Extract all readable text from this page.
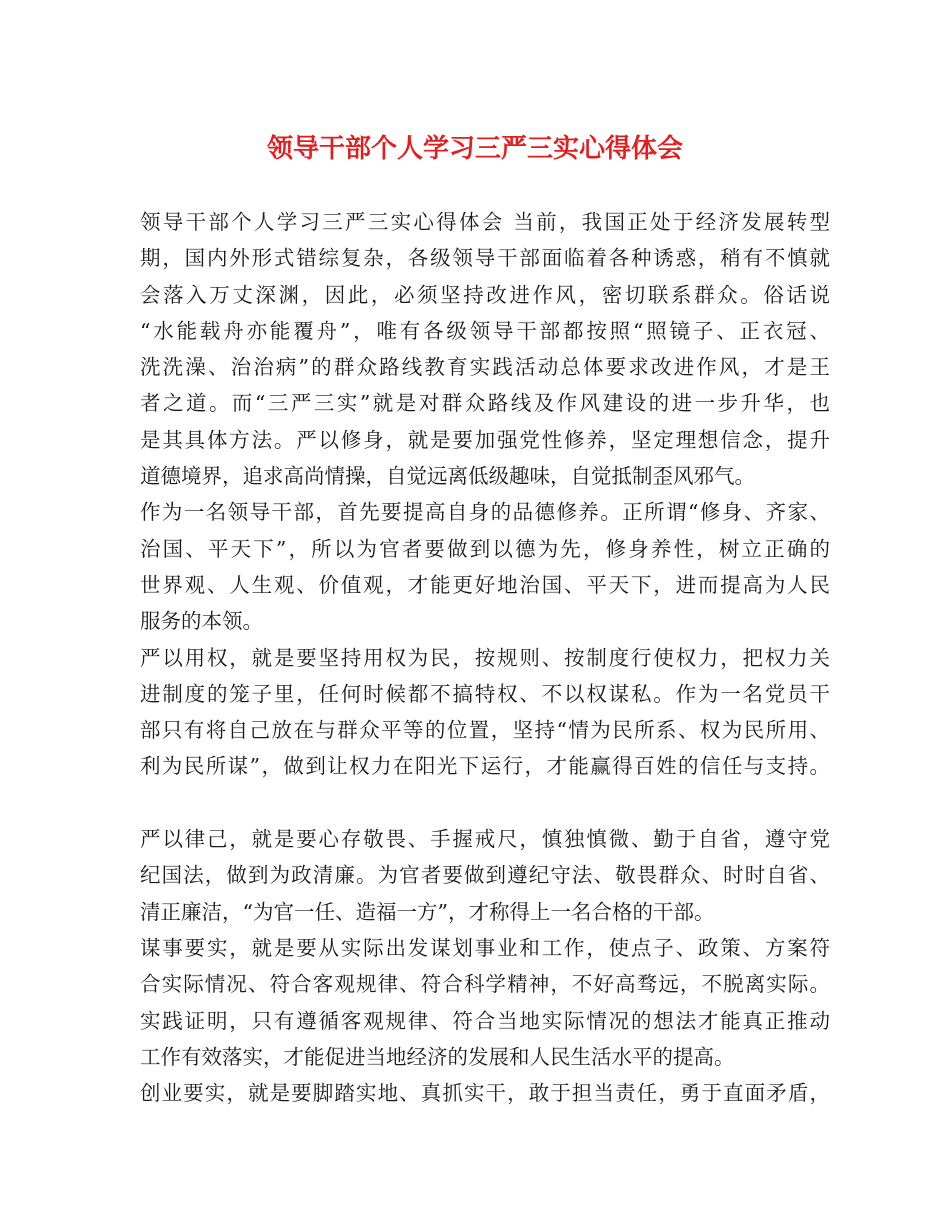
领导干部个人学习三严三实心得体会
领导干部个人学习三严三实心得体会 当前，我国正处于经济发展转型
期，国内外形式错综复杂，各级领导干部面临着各种诱惑，稍有不慎就
会落入万丈深渊，因此，必须坚持改进作风，密切联系群众。俗话说
“水能载舟亦能覆舟”，唯有各级领导干部都按照“照镜子、正衣冠、
洗洗澡、治治病”的群众路线教育实践活动总体要求改进作风，才是王
者之道。而“三严三实”就是对群众路线及作风建设的进一步升华，也
是其具体方法。严以修身，就是要加强党性修养，坚定理想信念，提升
道德境界，追求高尚情操，自觉远离低级趣味，自觉抵制歪风邪气。
作为一名领导干部，首先要提高自身的品德修养。正所谓“修身、齐家、
治国、平天下”，所以为官者要做到以德为先，修身养性，树立正确的
世界观、人生观、价值观，才能更好地治国、平天下，进而提高为人民
服务的本领。
严以用权，就是要坚持用权为民，按规则、按制度行使权力，把权力关
进制度的笼子里，任何时候都不搞特权、不以权谋私。作为一名党员干
部只有将自己放在与群众平等的位置，坚持“情为民所系、权为民所用、
利为民所谋”，做到让权力在阳光下运行，才能赢得百姓的信任与支持。
严以律己，就是要心存敬畏、手握戒尺，慎独慎微、勤于自省，遵守党
纪国法，做到为政清廉。为官者要做到遵纪守法、敬畏群众、时时自省、
清正廉洁，“为官一任、造福一方”，才称得上一名合格的干部。
谋事要实，就是要从实际出发谋划事业和工作，使点子、政策、方案符
合实际情况、符合客观规律、符合科学精神，不好高骛远，不脱离实际。
实践证明，只有遵循客观规律、符合当地实际情况的想法才能真正推动
工作有效落实，才能促进当地经济的发展和人民生活水平的提高。
创业要实，就是要脚踏实地、真抓实干，敢于担当责任，勇于直面矛盾，
